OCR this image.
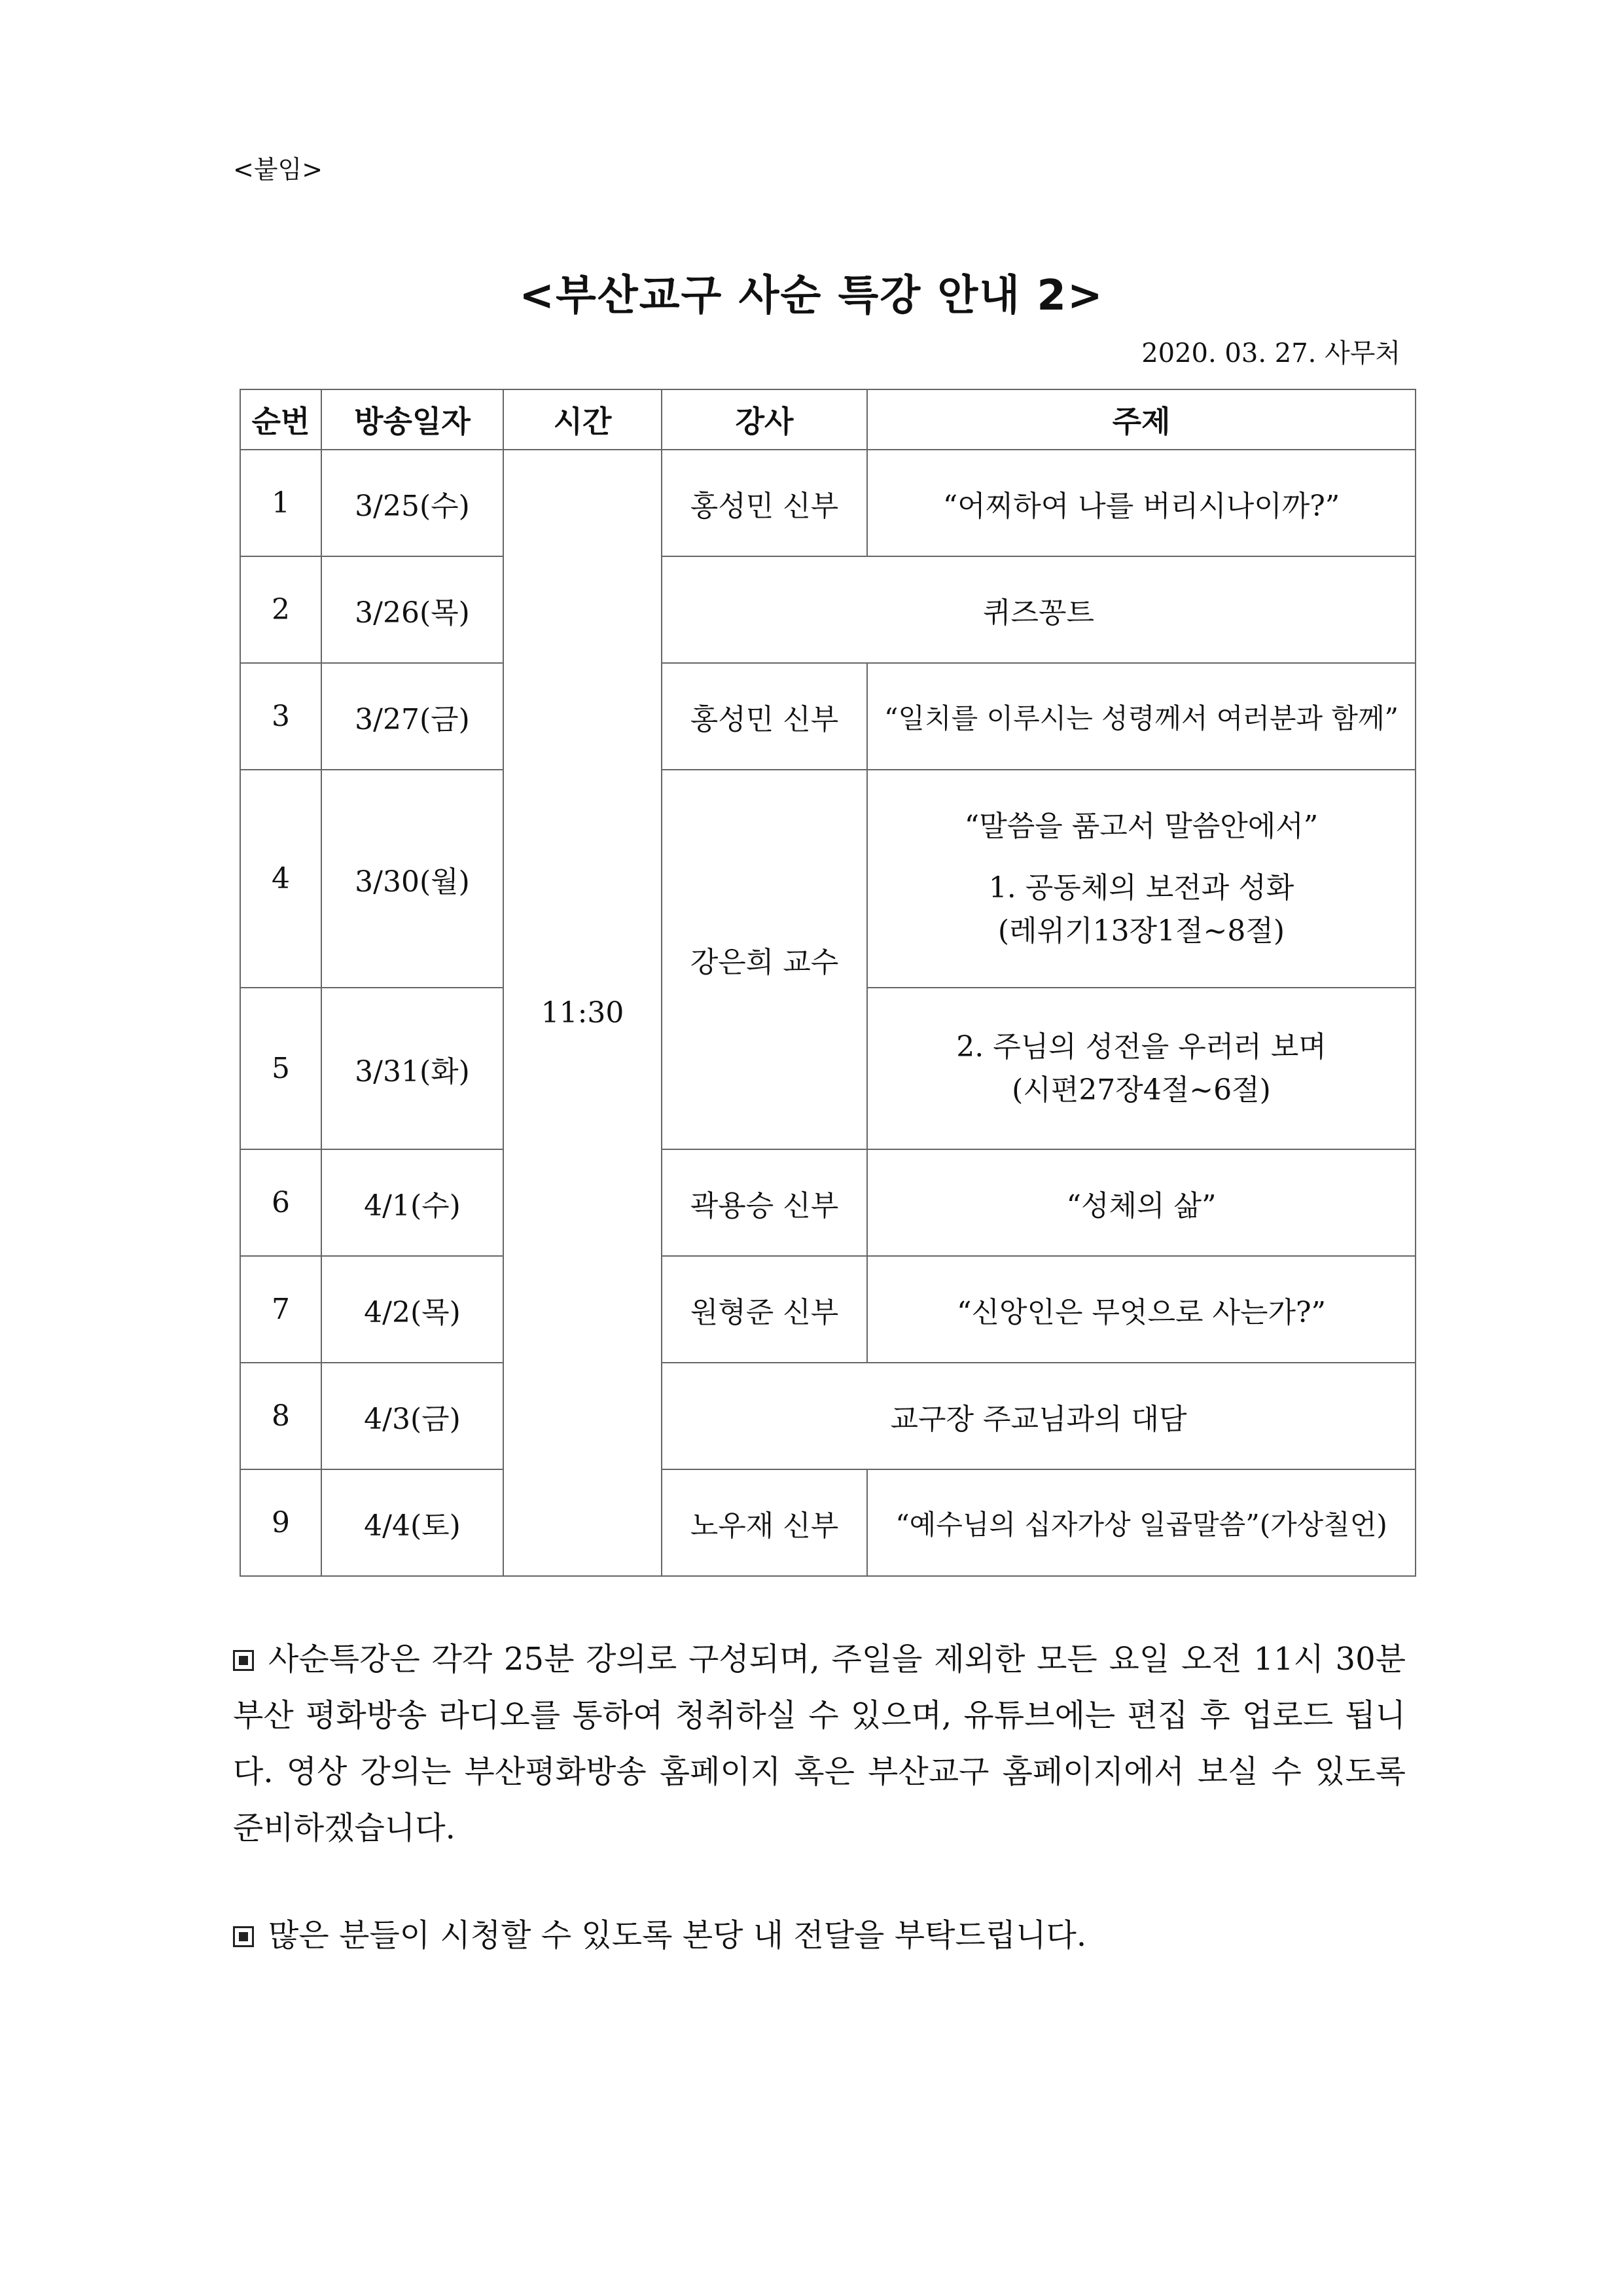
<붙임>
<부산교구 사순 특강 안내 2>
2020. 03. 27. 사무처
순번	방송일자	시간	강사	주제
1	3/25(수)	11:30	홍성민 신부	“어찌하여 나를 버리시나이까?”
2	3/26(목)		퀴즈꽁트	
3	3/27(금)		홍성민 신부	“일치를 이루시는 성령께서 여러분과 함께”
4	3/30(월)		강은희 교수	“말씀을 품고서 말씀안에서”
1. 공동체의 보전과 성화
(레위기13장1절~8절)

5	3/31(화)			2. 주님의 성전을 우러러 보며
(시편27장4절~6절)

6	4/1(수)		곽용승 신부	“성체의 삶”
7	4/2(목)		원형준 신부	“신앙인은 무엇으로 사는가?”
8	4/3(금)		교구장 주교님과의 대담	
9	4/4(토)		노우재 신부	“예수님의 십자가상 일곱말씀”(가상칠언)

사순특강은 각각 25분 강의로 구성되며, 주일을 제외한 모든 요일 오전 11시 30분 부산 평화방송 라디오를 통하여 청취하실 수 있으며, 유튜브에는 편집 후 업로드 됩니다. 영상 강의는 부산평화방송 홈페이지 혹은 부산교구 홈페이지에서 보실 수 있도록 준비하겠습니다.

많은 분들이 시청할 수 있도록 본당 내 전달을 부탁드립니다.
